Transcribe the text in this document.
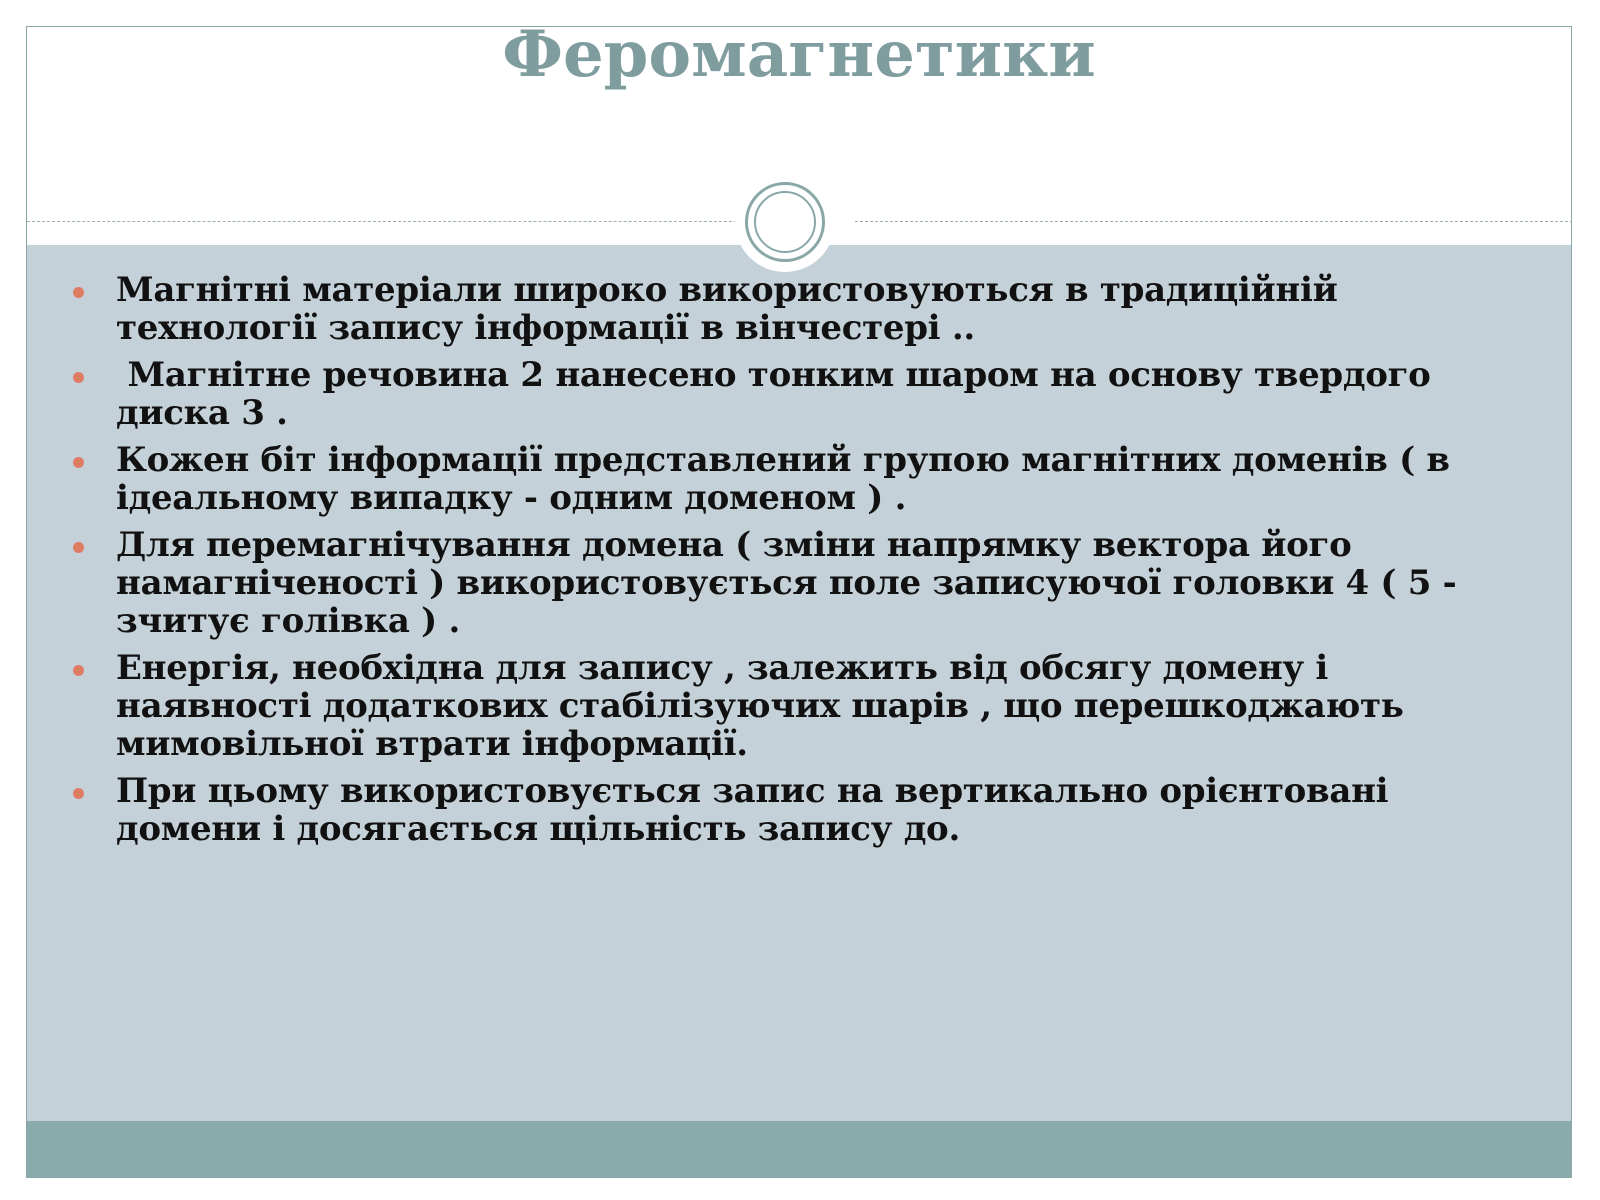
Феромагнетики
Магнітні матеріали широко використовуються в традиційній технології запису інформації в вінчестері ..
Магнітне речовина 2 нанесено тонким шаром на основу твердого диска 3 .
Кожен біт інформації представлений групою магнітних доменів ( в ідеальному випадку - одним доменом ) .
Для перемагнічування домена ( зміни напрямку вектора його намагніченості ) використовується поле записуючої головки 4 ( 5 - зчитує голівка ) .
Енергія, необхідна для запису , залежить від обсягу домену і наявності додаткових стабілізуючих шарів , що перешкоджають мимовільної втрати інформації.
При цьому використовується запис на вертикально орієнтовані домени і досягається щільність запису до.
